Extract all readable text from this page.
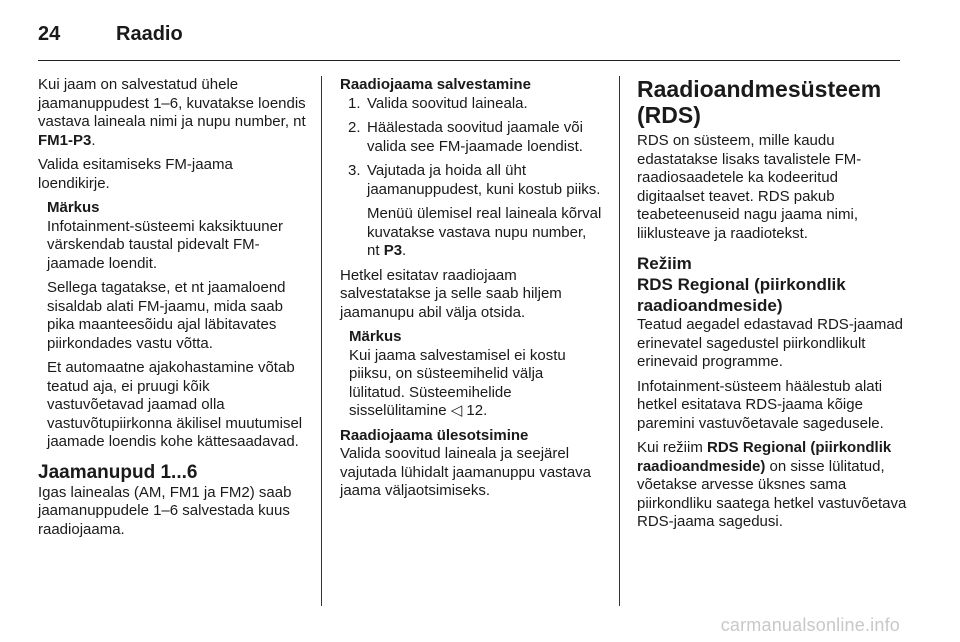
24	Raadio

Kui jaam on salvestatud ühele jaamanuppudest 1–6, kuvatakse loendis vastava laineala nimi ja nupu number, nt FM1-P3.

Valida esitamiseks FM-jaama loendikirje.

Märkus

Infotainment-süsteemi kaksiktuuner värskendab taustal pidevalt FM-jaamade loendit.

Sellega tagatakse, et nt jaamaloend sisaldab alati FM-jaamu, mida saab pika maanteesõidu ajal läbitavates piirkondades vastu võtta.

Et automaatne ajakohastamine võtab teatud aja, ei pruugi kõik vastuvõetavad jaamad olla vastuvõtupiirkonna äkilisel muutumisel jaamade loendis kohe kättesaadavad.

Jaamanupud 1...6

Igas lainealas (AM, FM1 ja FM2) saab jaamanuppudele 1–6 salvestada kuus raadiojaama.

Raadiojaama salvestamine

1. Valida soovitud laineala.
2. Häälestada soovitud jaamale või valida see FM-jaamade loendist.
3. Vajutada ja hoida all üht jaamanuppudest, kuni kostub piiks.

Menüü ülemisel real laineala kõrval kuvatakse vastava nupu number, nt P3.

Hetkel esitatav raadiojaam salvestatakse ja selle saab hiljem jaamanupu abil välja otsida.

Märkus

Kui jaama salvestamisel ei kostu piiksu, on süsteemihelid välja lülitatud. Süsteemihelide sisselülitamine ◁ 12.

Raadiojaama ülesotsimine

Valida soovitud laineala ja seejärel vajutada lühidalt jaamanuppu vastava jaama väljaotsimiseks.

Raadioandmesüsteem (RDS)

RDS on süsteem, mille kaudu edastatakse lisaks tavalistele FM-raadiosaadetele ka kodeeritud digitaalset teavet. RDS pakub teabeteenuseid nagu jaama nimi, liiklusteave ja raadiotekst.

Režiim
RDS Regional (piirkondlik raadioandmeside)

Teatud aegadel edastavad RDS-jaamad erinevatel sagedustel piirkondlikult erinevaid programme.

Infotainment-süsteem häälestub alati hetkel esitatava RDS-jaama kõige paremini vastuvõetavale sagedusele.

Kui režiim RDS Regional (piirkondlik raadioandmeside) on sisse lülitatud, võetakse arvesse üksnes sama piirkondliku saatega hetkel vastuvõetava RDS-jaama sagedusi.

carmanualsonline.info
